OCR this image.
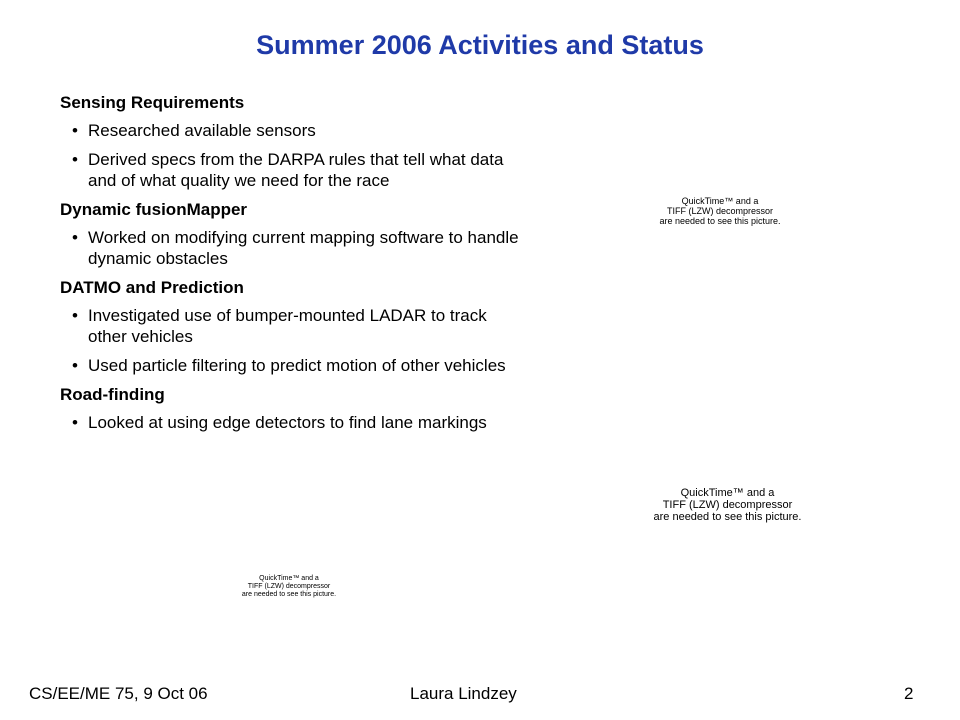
Summer 2006 Activities and Status
Sensing Requirements
• Researched available sensors
• Derived specs from the DARPA rules that tell what data and of what quality we need for the race
Dynamic fusionMapper
• Worked on modifying current mapping software to handle dynamic obstacles
DATMO and Prediction
• Investigated use of bumper-mounted LADAR to track other vehicles
• Used particle filtering to predict motion of other vehicles
Road-finding
• Looked at using edge detectors to find lane markings
QuickTime™ and a
TIFF (LZW) decompressor
are needed to see this picture.
QuickTime™ and a
TIFF (LZW) decompressor
are needed to see this picture.
QuickTime™ and a
TIFF (LZW) decompressor
are needed to see this picture.
CS/EE/ME 75, 9 Oct 06	Laura Lindzey	2
